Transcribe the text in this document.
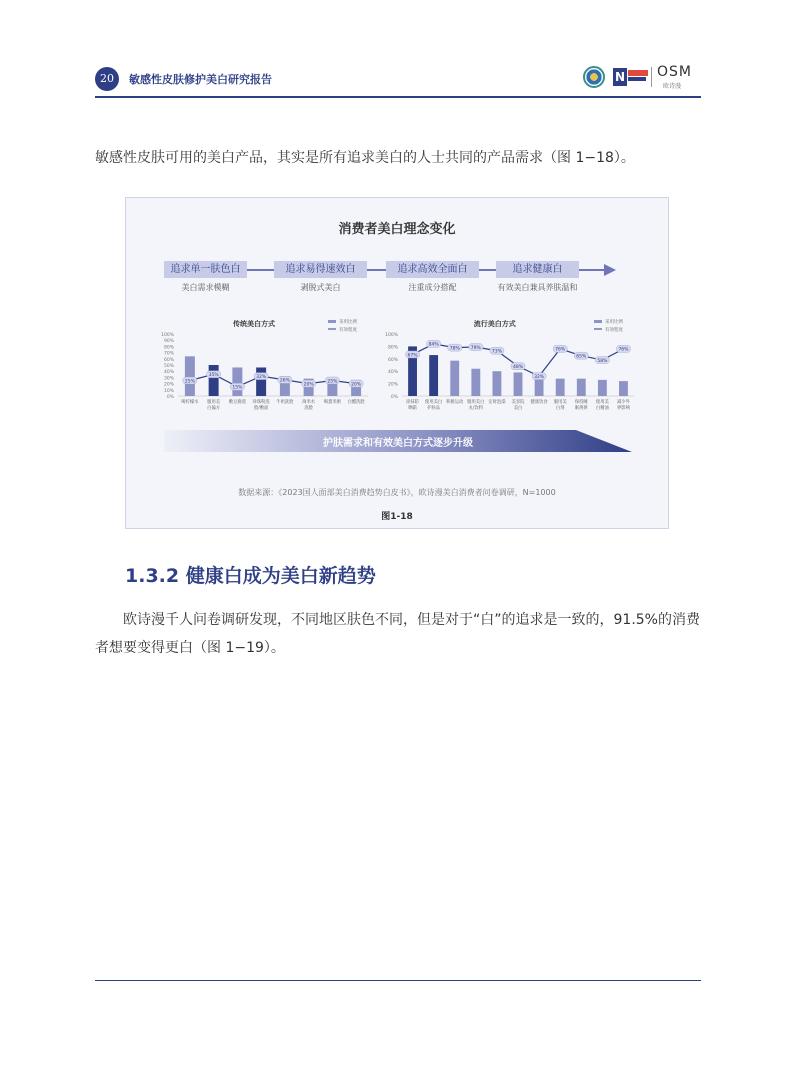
20	敏感性皮肤修护美白研究报告	N OSM
欧诗漫

敏感性皮肤可用的美白产品，其实是所有追求美白的人士共同的产品需求（图 1−18）。

消费者美白理念变化
追求单一肤色白
美白需求模糊
追求易得速效白
剥脱式美白
追求高效全面白
注重成分搭配
追求健康白
有效美白兼具养肤温和
传统美白方式
100%
90%
80%
70%
60%
50%
40%
30%
20%
10%
0%
采用比例
有效程度
25%
35%
15%
32%
26%
20%
25%
20%
喝柠檬水 服用美
白偏方
敷豆腐渣 珍珠粉洗
脸/敷面
牛奶洗脸 淘米水
洗脸
喝薏米粥 白醋洗脸
流行美白方式
100%
80%
60%
40%
20%
0%
采用比例
有效程度
67%
84%
78% 79%
73%
48%
32%
76%
65%
58%
76%
涂抹防
晒霜
使用美白
护肤品
积极运动 服用美白
丸/饮料
定时泡澡 美容院
美白
健康饮食 服用美
白剂
保持睡
眠规律
使用美
白精油
减少外
界影响
护肤需求和有效美白方式逐步升级
数据来源：《2023国人面部美白消费趋势白皮书》，欧诗漫美白消费者问卷调研，N=1000
图1-18
1.3.2 健康白成为美白新趋势

欧诗漫千人问卷调研发现，不同地区肤色不同，但是对于“白”的追求是一致的，91.5%的消费者想要变得更白（图 1−19）。
